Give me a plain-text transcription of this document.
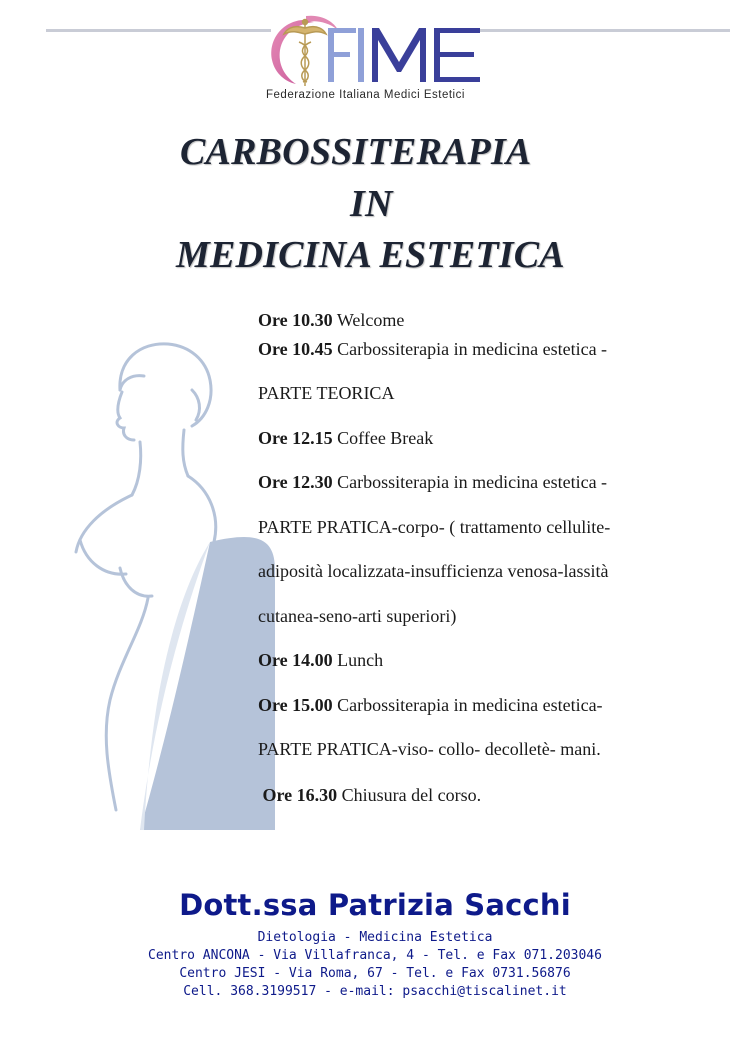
Federazione Italiana Medici Estetici
CARBOSSITERAPIA
IN
MEDICINA ESTETICA
Ore 10.30 Welcome
Ore 10.45 Carbossiterapia in medicina estetica -
PARTE TEORICA
Ore 12.15 Coffee Break
Ore 12.30 Carbossiterapia in medicina estetica -
PARTE PRATICA-corpo- ( trattamento cellulite-
adiposità localizzata-insufficienza venosa-lassità
cutanea-seno-arti superiori)
Ore 14.00 Lunch
Ore 15.00 Carbossiterapia in medicina estetica-
PARTE PRATICA-viso- collo- decolletè- mani.
Ore 16.30 Chiusura del corso.
Dott.ssa Patrizia Sacchi
Dietologia - Medicina Estetica
Centro ANCONA - Via Villafranca, 4 - Tel. e Fax 071.203046
Centro JESI - Via Roma, 67 - Tel. e Fax 0731.56876
Cell. 368.3199517 - e-mail: psacchi@tiscalinet.it
